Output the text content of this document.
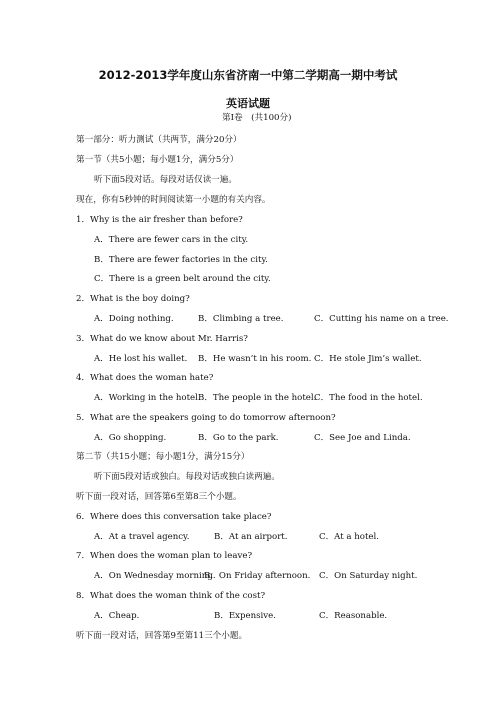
2012-2013学年度山东省济南一中第二学期高一期中考试
英语试题
第I卷　(共100分)
第一部分：听力测试（共两节，满分20分）
第一节（共5小题；每小题1分，满分5分）
听下面5段对话。每段对话仅读一遍。
现在，你有5秒钟的时间阅读第一小题的有关内容。
1．Why is the air fresher than before?
A．There are fewer cars in the city.
B．There are fewer factories in the city.
C．There is a green belt around the city.
2．What is the boy doing?
A．Doing nothing.	B．Climbing a tree.	C．Cutting his name on a tree.
3．What do we know about Mr. Harris?
A．He lost his wallet. B．He wasn’t in his room. C．He stole Jim’s wallet.
4．What does the woman hate?
A．Working in the hotel.
B．The people in the hotel.
C．The food in the hotel.
5．What are the speakers going to do tomorrow afternoon?
A．Go shopping.	B．Go to the park.	C．See Joe and Linda.
第二节（共15小题；每小题1分，满分15分）
听下面5段对话或独白。每段对话或独白读两遍。
听下面一段对话，回答第6至第8三个小题。
6．Where does this conversation take place?
A．At a travel agency.	B．At an airport.	C．At a hotel.
7．When does the woman plan to leave?
A．On Wednesday morning.
B．On Friday afternoon. C．On Saturday night.
8．What does the woman think of the cost?
A．Cheap.	B．Expensive.	C．Reasonable.
听下面一段对话，回答第9至第11三个小题。
